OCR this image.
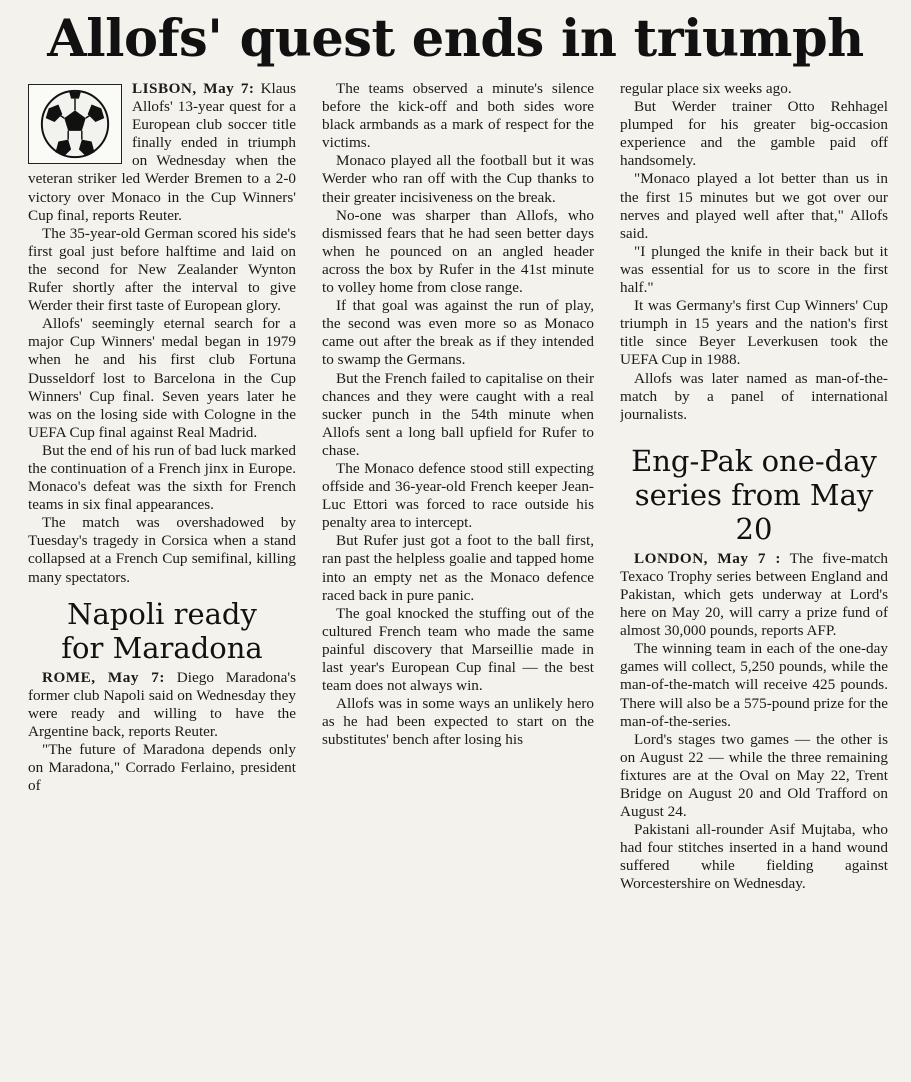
Allofs' quest ends in triumph

LISBON, May 7: Klaus Allofs' 13-year quest for a European club soccer title finally ended in triumph on Wednesday when the veteran striker led Werder Bremen to a 2-0 victory over Monaco in the Cup Winners' Cup final, reports Reuter.

The 35-year-old German scored his side's first goal just before halftime and laid on the second for New Zealander Wynton Rufer shortly after the interval to give Werder their first taste of European glory.

Allofs' seemingly eternal search for a major Cup Winners' medal began in 1979 when he and his first club Fortuna Dusseldorf lost to Barcelona in the Cup Winners' Cup final. Seven years later he was on the losing side with Cologne in the UEFA Cup final against Real Madrid.

But the end of his run of bad luck marked the continuation of a French jinx in Europe. Monaco's defeat was the sixth for French teams in six final appearances.

The match was overshadowed by Tuesday's tragedy in Corsica when a stand collapsed at a French Cup semifinal, killing many spectators.

Napoli ready
for Maradona

ROME, May 7: Diego Maradona's former club Napoli said on Wednesday they were ready and willing to have the Argentine back, reports Reuter.

"The future of Maradona depends only on Maradona," Corrado Ferlaino, president of

The teams observed a minute's silence before the kick-off and both sides wore black armbands as a mark of respect for the victims.

Monaco played all the football but it was Werder who ran off with the Cup thanks to their greater incisiveness on the break.

No-one was sharper than Allofs, who dismissed fears that he had seen better days when he pounced on an angled header across the box by Rufer in the 41st minute to volley home from close range.

If that goal was against the run of play, the second was even more so as Monaco came out after the break as if they intended to swamp the Germans.

But the French failed to capitalise on their chances and they were caught with a real sucker punch in the 54th minute when Allofs sent a long ball upfield for Rufer to chase.

The Monaco defence stood still expecting offside and 36-year-old French keeper Jean-Luc Ettori was forced to race outside his penalty area to intercept.

But Rufer just got a foot to the ball first, ran past the helpless goalie and tapped home into an empty net as the Monaco defence raced back in pure panic.

The goal knocked the stuffing out of the cultured French team who made the same painful discovery that Marseillie made in last year's European Cup final — the best team does not always win.

Allofs was in some ways an unlikely hero as he had been expected to start on the substitutes' bench after losing his

regular place six weeks ago.

But Werder trainer Otto Rehhagel plumped for his greater big-occasion experience and the gamble paid off handsomely.

"Monaco played a lot better than us in the first 15 minutes but we got over our nerves and played well after that," Allofs said.

"I plunged the knife in their back but it was essential for us to score in the first half."

It was Germany's first Cup Winners' Cup triumph in 15 years and the nation's first title since Beyer Leverkusen took the UEFA Cup in 1988.

Allofs was later named as man-of-the-match by a panel of international journalists.

Eng-Pak one-day
series from May 20

LONDON, May 7 : The five-match Texaco Trophy series between England and Pakistan, which gets underway at Lord's here on May 20, will carry a prize fund of almost 30,000 pounds, reports AFP.

The winning team in each of the one-day games will collect, 5,250 pounds, while the man-of-the-match will receive 425 pounds. There will also be a 575-pound prize for the man-of-the-series.

Lord's stages two games — the other is on August 22 — while the three remaining fixtures are at the Oval on May 22, Trent Bridge on August 20 and Old Trafford on August 24.

Pakistani all-rounder Asif Mujtaba, who had four stitches inserted in a hand wound suffered while fielding against Worcestershire on Wednesday.
